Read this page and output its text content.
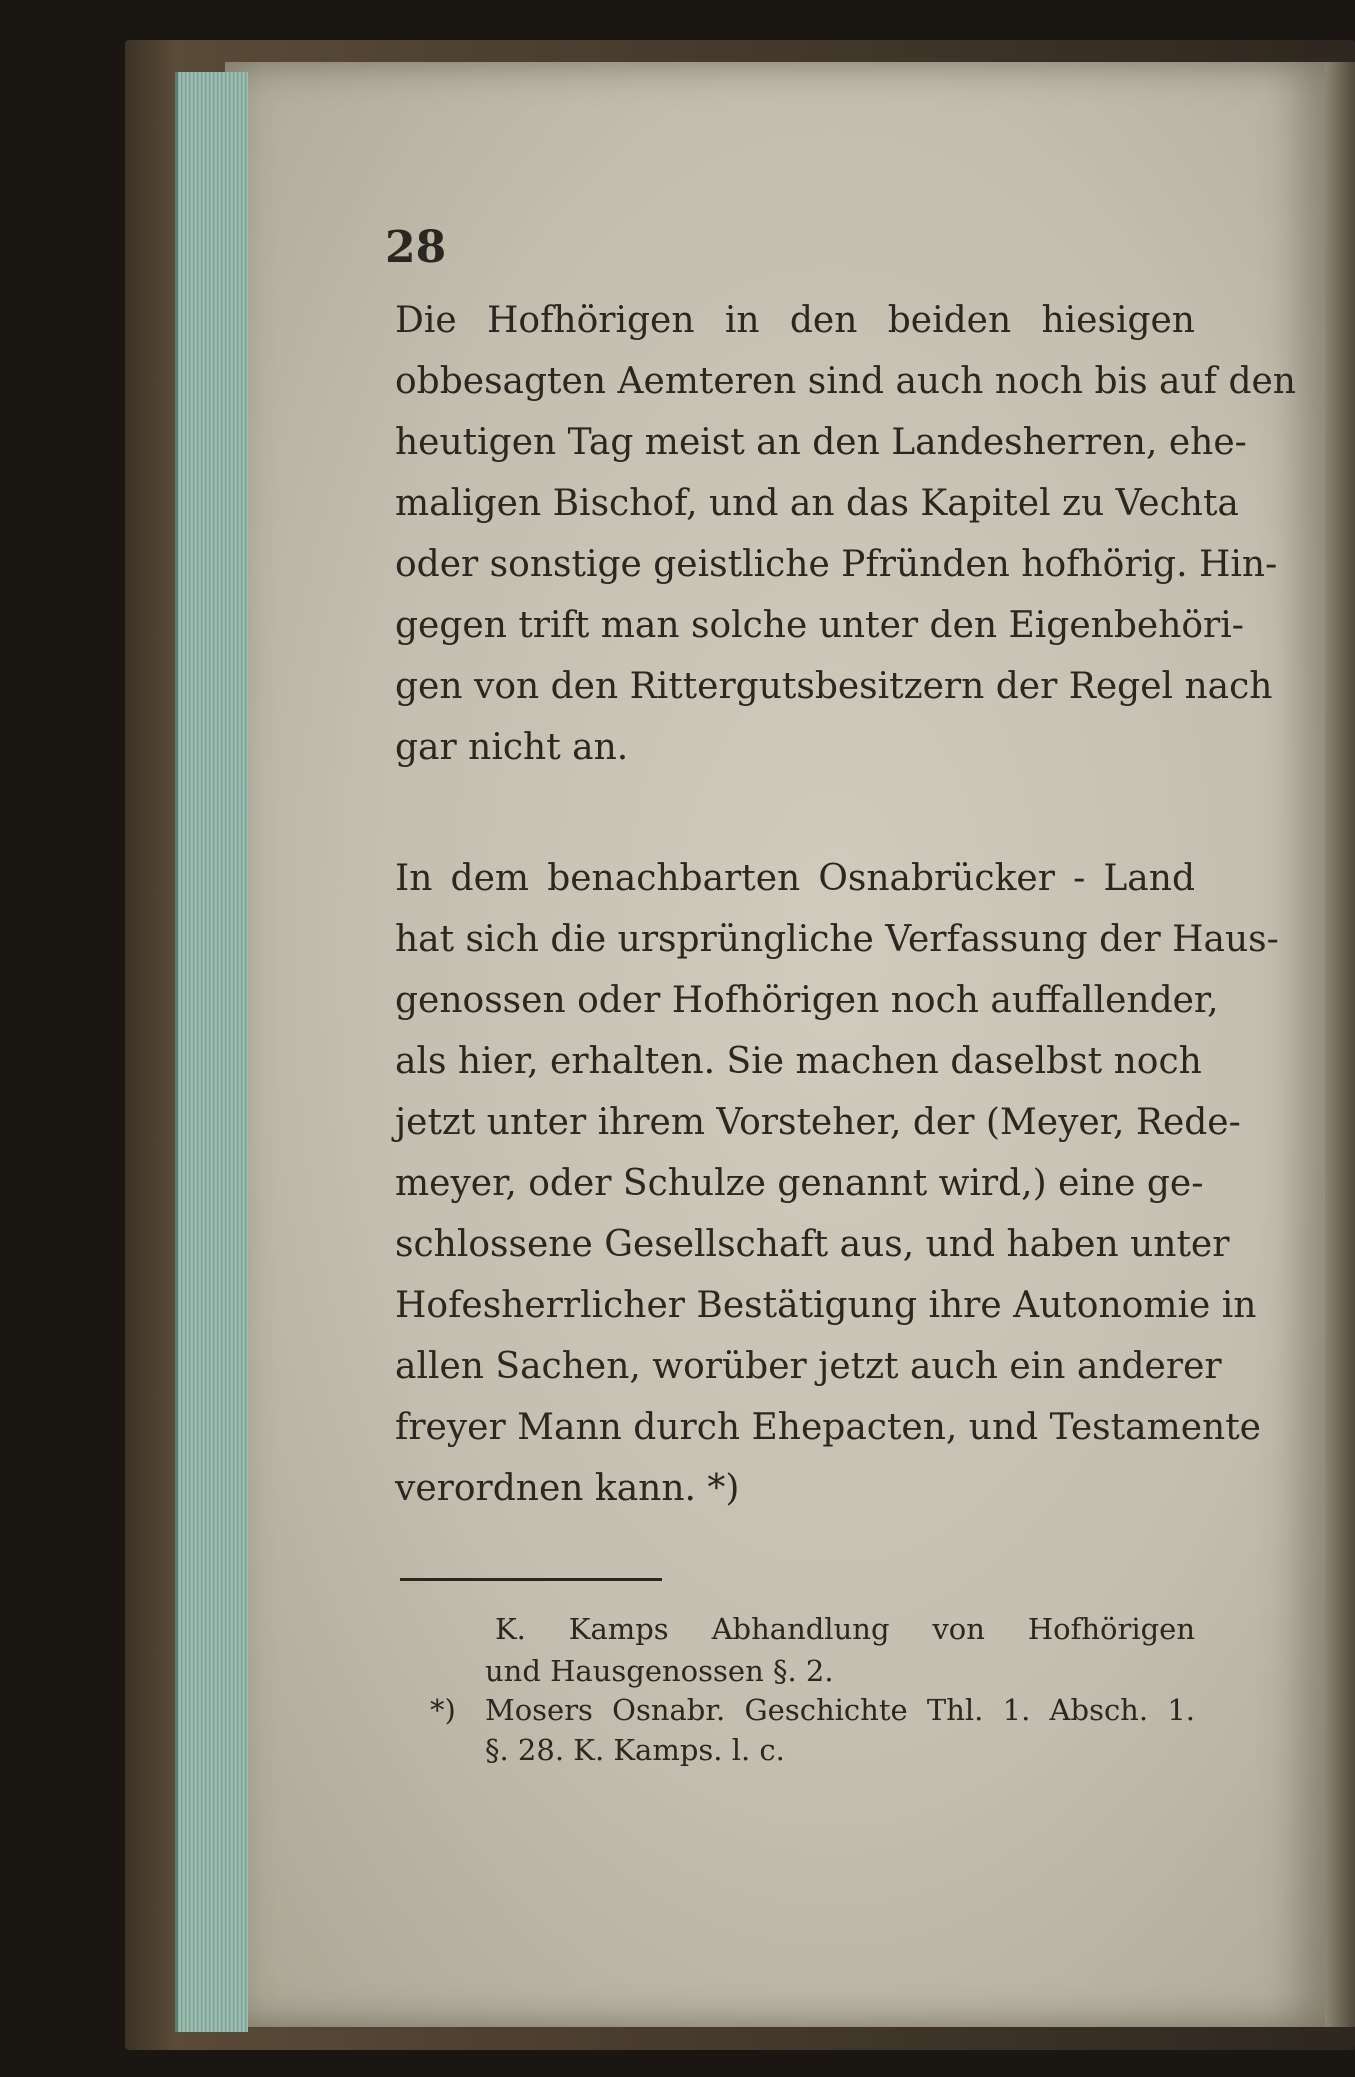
28
Die Hofhörigen in den beiden hiesigen
obbesagten Aemteren sind auch noch bis auf den
heutigen Tag meist an den Landesherren, ehe-
maligen Bischof, und an das Kapitel zu Vechta
oder sonstige geistliche Pfründen hofhörig. Hin-
gegen trift man solche unter den Eigenbehöri-
gen von den Rittergutsbesitzern der Regel nach
gar nicht an.
In dem benachbarten Osnabrücker - Land
hat sich die ursprüngliche Verfassung der Haus-
genossen oder Hofhörigen noch auffallender,
als hier, erhalten. Sie machen daselbst noch
jetzt unter ihrem Vorsteher, der (Meyer, Rede-
meyer, oder Schulze genannt wird,) eine ge-
schlossene Gesellschaft aus, und haben unter
Hofesherrlicher Bestätigung ihre Autonomie in
allen Sachen, worüber jetzt auch ein anderer
freyer Mann durch Ehepacten, und Testamente
verordnen kann. *)
K. Kamps Abhandlung von Hofhörigen
und Hausgenossen §. 2.
*) Mosers Osnabr. Geschichte Thl. 1. Absch. 1.
§. 28. K. Kamps. l. c.
